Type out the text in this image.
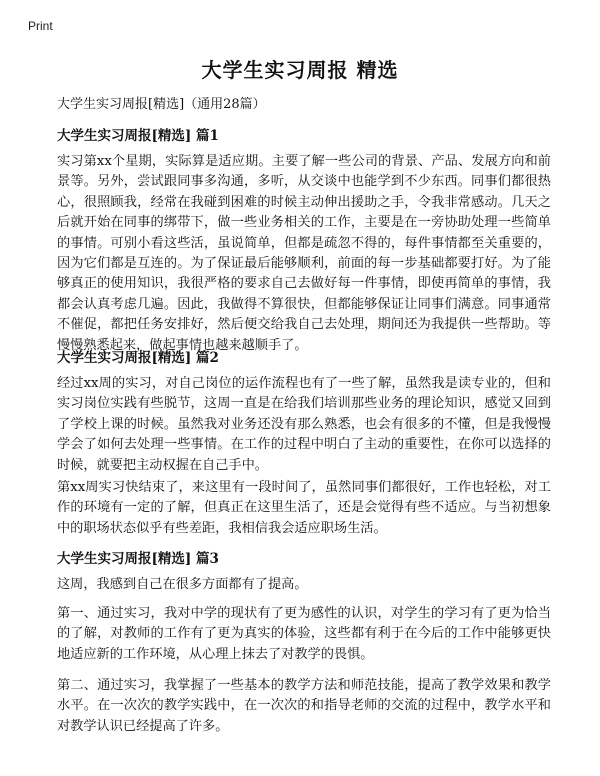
Print
大学生实习周报 精选
大学生实习周报[精选]（通用28篇）
大学生实习周报[精选] 篇1

实习第xx个星期，实际算是适应期。主要了解一些公司的背景、产品、发展方向和前景等。另外，尝试跟同事多沟通，多听，从交谈中也能学到不少东西。同事们都很热心，很照顾我，经常在我碰到困难的时候主动伸出援助之手，令我非常感动。几天之后就开始在同事的绑带下，做一些业务相关的工作，主要是在一旁协助处理一些简单的事情。可别小看这些活，虽说简单，但都是疏忽不得的，每件事情都至关重要的，因为它们都是互连的。为了保证最后能够顺利，前面的每一步基础都要打好。为了能够真正的使用知识，我很严格的要求自己去做好每一件事情，即使再简单的事情，我都会认真考虑几遍。因此，我做得不算很快，但都能够保证让同事们满意。同事通常不催促，都把任务安排好，然后便交给我自己去处理，期间还为我提供一些帮助。等慢慢熟悉起来，做起事情也越来越顺手了。

大学生实习周报[精选] 篇2

经过xx周的实习，对自己岗位的运作流程也有了一些了解，虽然我是读专业的，但和实习岗位实践有些脱节，这周一直是在给我们培训那些业务的理论知识，感觉又回到了学校上课的时候。虽然我对业务还没有那么熟悉，也会有很多的不懂，但是我慢慢学会了如何去处理一些事情。在工作的过程中明白了主动的重要性，在你可以选择的时候，就要把主动权握在自己手中。

第xx周实习快结束了，来这里有一段时间了，虽然同事们都很好，工作也轻松，对工作的环境有一定的了解，但真正在这里生活了，还是会觉得有些不适应。与当初想象中的职场状态似乎有些差距，我相信我会适应职场生活。

大学生实习周报[精选] 篇3

这周，我感到自己在很多方面都有了提高。

第一、通过实习，我对中学的现状有了更为感性的认识，对学生的学习有了更为恰当的了解，对教师的工作有了更为真实的体验，这些都有利于在今后的工作中能够更快地适应新的工作环境，从心理上抹去了对教学的畏惧。

第二、通过实习，我掌握了一些基本的教学方法和师范技能，提高了教学效果和教学水平。在一次次的教学实践中，在一次次的和指导老师的交流的过程中，教学水平和对教学认识已经提高了许多。
